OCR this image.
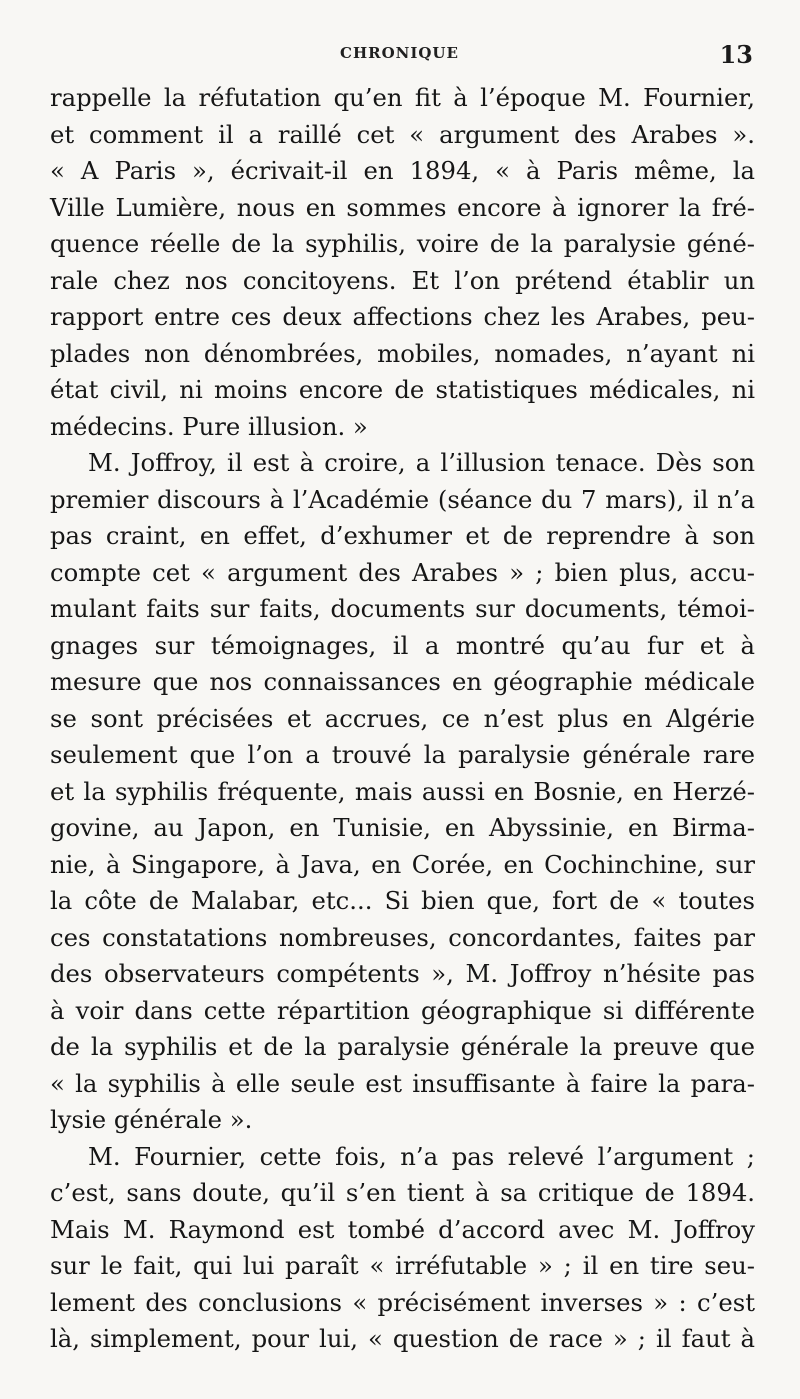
CHRONIQUE	13
rappelle la réfutation qu’en fit à l’époque M. Fournier,
et comment il a raillé cet « argument des Arabes ».
« A Paris », écrivait-il en 1894, « à Paris même, la
Ville Lumière, nous en sommes encore à ignorer la fré-
quence réelle de la syphilis, voire de la paralysie géné-
rale chez nos concitoyens. Et l’on prétend établir un
rapport entre ces deux affections chez les Arabes, peu-
plades non dénombrées, mobiles, nomades, n’ayant ni
état civil, ni moins encore de statistiques médicales, ni
médecins. Pure illusion. »
M. Joffroy, il est à croire, a l’illusion tenace. Dès son
premier discours à l’Académie (séance du 7 mars), il n’a
pas craint, en effet, d’exhumer et de reprendre à son
compte cet « argument des Arabes » ; bien plus, accu-
mulant faits sur faits, documents sur documents, témoi-
gnages sur témoignages, il a montré qu’au fur et à
mesure que nos connaissances en géographie médicale
se sont précisées et accrues, ce n’est plus en Algérie
seulement que l’on a trouvé la paralysie générale rare
et la syphilis fréquente, mais aussi en Bosnie, en Herzé-
govine, au Japon, en Tunisie, en Abyssinie, en Birma-
nie, à Singapore, à Java, en Corée, en Cochinchine, sur
la côte de Malabar, etc... Si bien que, fort de « toutes
ces constatations nombreuses, concordantes, faites par
des observateurs compétents », M. Joffroy n’hésite pas
à voir dans cette répartition géographique si différente
de la syphilis et de la paralysie générale la preuve que
« la syphilis à elle seule est insuffisante à faire la para-
lysie générale ».
M. Fournier, cette fois, n’a pas relevé l’argument ;
c’est, sans doute, qu’il s’en tient à sa critique de 1894.
Mais M. Raymond est tombé d’accord avec M. Joffroy
sur le fait, qui lui paraît « irréfutable » ; il en tire seu-
lement des conclusions « précisément inverses » : c’est
là, simplement, pour lui, « question de race » ; il faut à
